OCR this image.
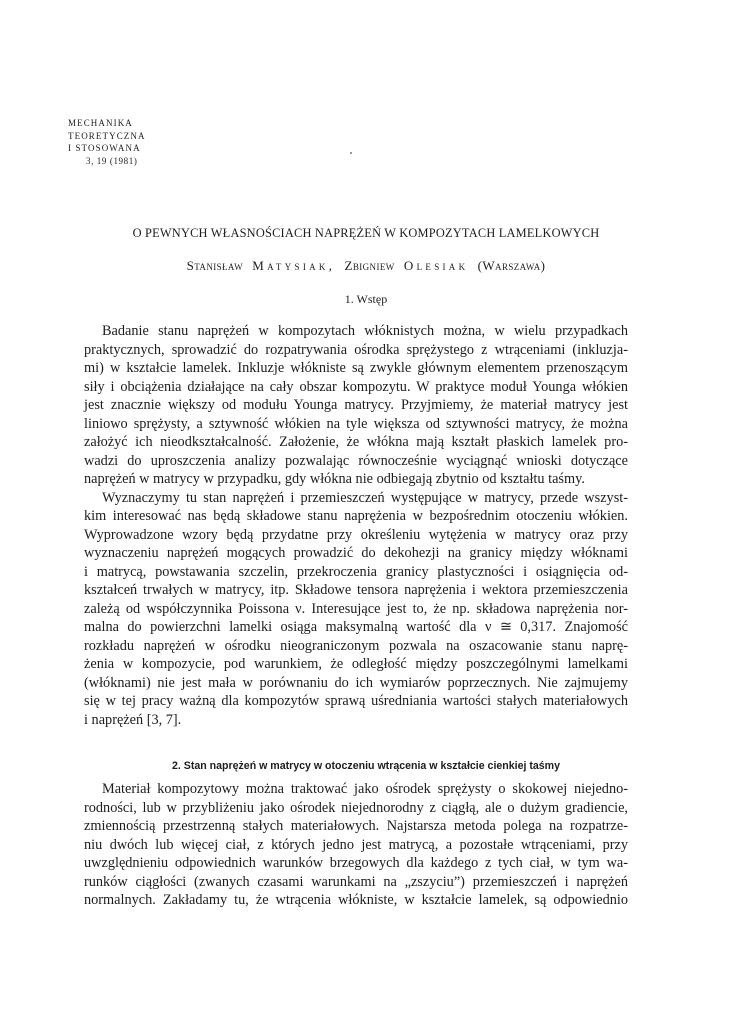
MECHANIKA
TEORETYCZNA
I STOSOWANA
3, 19 (1981)
O PEWNYCH WŁASNOŚCIACH NAPRĘŻEŃ W KOMPOZYTACH LAMELKOWYCH
Stanisław Matysiak, Zbigniew Olesiak (Warszawa)
1. Wstęp
Badanie stanu naprężeń w kompozytach włóknistych można, w wielu przypadkach
praktycznych, sprowadzić do rozpatrywania ośrodka sprężystego z wtrąceniami (inkluzja-
mi) w kształcie lamelek. Inkluzje włókniste są zwykle głównym elementem przenoszącym
siły i obciążenia działające na cały obszar kompozytu. W praktyce moduł Younga włókien
jest znacznie większy od modułu Younga matrycy. Przyjmiemy, że materiał matrycy jest
liniowo sprężysty, a sztywność włókien na tyle większa od sztywności matrycy, że można
założyć ich nieodkształcalność. Założenie, że włókna mają kształt płaskich lamelek pro-
wadzi do uproszczenia analizy pozwalając równocześnie wyciągnąć wnioski dotyczące
naprężeń w matrycy w przypadku, gdy włókna nie odbiegają zbytnio od kształtu taśmy.
Wyznaczymy tu stan naprężeń i przemieszczeń występujące w matrycy, przede wszyst-
kim interesować nas będą składowe stanu naprężenia w bezpośrednim otoczeniu włókien.
Wyprowadzone wzory będą przydatne przy określeniu wytężenia w matrycy oraz przy
wyznaczeniu naprężeń mogących prowadzić do dekohezji na granicy między włóknami
i matrycą, powstawania szczelin, przekroczenia granicy plastyczności i osiągnięcia od-
kształceń trwałych w matrycy, itp. Składowe tensora naprężenia i wektora przemieszczenia
zależą od współczynnika Poissona ν. Interesujące jest to, że np. składowa naprężenia nor-
malna do powierzchni lamelki osiąga maksymalną wartość dla ν ≅ 0,317. Znajomość
rozkładu naprężeń w ośrodku nieograniczonym pozwala na oszacowanie stanu naprę-
żenia w kompozycie, pod warunkiem, że odległość między poszczególnymi lamelkami
(włóknami) nie jest mała w porównaniu do ich wymiarów poprzecznych. Nie zajmujemy
się w tej pracy ważną dla kompozytów sprawą uśredniania wartości stałych materiałowych
i naprężeń [3, 7].
2. Stan naprężeń w matrycy w otoczeniu wtrącenia w kształcie cienkiej taśmy
Materiał kompozytowy można traktować jako ośrodek sprężysty o skokowej niejedno-
rodności, lub w przybliżeniu jako ośrodek niejednorodny z ciągłą, ale o dużym gradiencie,
zmiennością przestrzenną stałych materiałowych. Najstarsza metoda polega na rozpatrze-
niu dwóch lub więcej ciał, z których jedno jest matrycą, a pozostałe wtrąceniami, przy
uwzględnieniu odpowiednich warunków brzegowych dla każdego z tych ciał, w tym wa-
runków ciągłości (zwanych czasami warunkami na „zszyciu”) przemieszczeń i naprężeń
normalnych. Zakładamy tu, że wtrącenia włókniste, w kształcie lamelek, są odpowiednio
